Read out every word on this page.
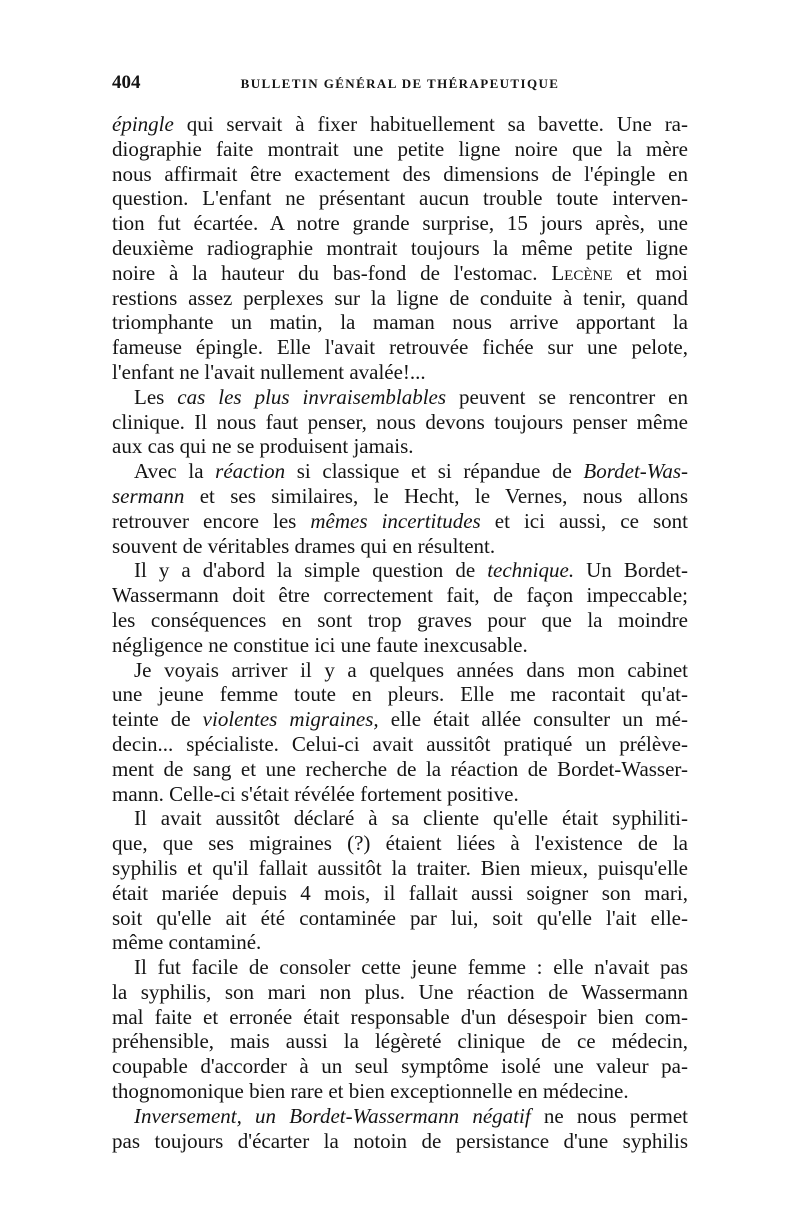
404	BULLETIN GÉNÉRAL DE THÉRAPEUTIQUE
épingle qui servait à fixer habituellement sa bavette. Une ra-
diographie faite montrait une petite ligne noire que la mère
nous affirmait être exactement des dimensions de l'épingle en
question. L'enfant ne présentant aucun trouble toute interven-
tion fut écartée. A notre grande surprise, 15 jours après, une
deuxième radiographie montrait toujours la même petite ligne
noire à la hauteur du bas-fond de l'estomac. Lecène et moi
restions assez perplexes sur la ligne de conduite à tenir, quand
triomphante un matin, la maman nous arrive apportant la
fameuse épingle. Elle l'avait retrouvée fichée sur une pelote,
l'enfant ne l'avait nullement avalée!...
Les cas les plus invraisemblables peuvent se rencontrer en
clinique. Il nous faut penser, nous devons toujours penser même
aux cas qui ne se produisent jamais.
Avec la réaction si classique et si répandue de Bordet-Was-
sermann et ses similaires, le Hecht, le Vernes, nous allons
retrouver encore les mêmes incertitudes et ici aussi, ce sont
souvent de véritables drames qui en résultent.
Il y a d'abord la simple question de technique. Un Bordet-
Wassermann doit être correctement fait, de façon impeccable;
les conséquences en sont trop graves pour que la moindre
négligence ne constitue ici une faute inexcusable.
Je voyais arriver il y a quelques années dans mon cabinet
une jeune femme toute en pleurs. Elle me racontait qu'at-
teinte de violentes migraines, elle était allée consulter un mé-
decin... spécialiste. Celui-ci avait aussitôt pratiqué un prélève-
ment de sang et une recherche de la réaction de Bordet-Wasser-
mann. Celle-ci s'était révélée fortement positive.
Il avait aussitôt déclaré à sa cliente qu'elle était syphiliti-
que, que ses migraines (?) étaient liées à l'existence de la
syphilis et qu'il fallait aussitôt la traiter. Bien mieux, puisqu'elle
était mariée depuis 4 mois, il fallait aussi soigner son mari,
soit qu'elle ait été contaminée par lui, soit qu'elle l'ait elle-
même contaminé.
Il fut facile de consoler cette jeune femme : elle n'avait pas
la syphilis, son mari non plus. Une réaction de Wassermann
mal faite et erronée était responsable d'un désespoir bien com-
préhensible, mais aussi la légèreté clinique de ce médecin,
coupable d'accorder à un seul symptôme isolé une valeur pa-
thognomonique bien rare et bien exceptionnelle en médecine.
Inversement, un Bordet-Wassermann négatif ne nous permet
pas toujours d'écarter la notoin de persistance d'une syphilis
